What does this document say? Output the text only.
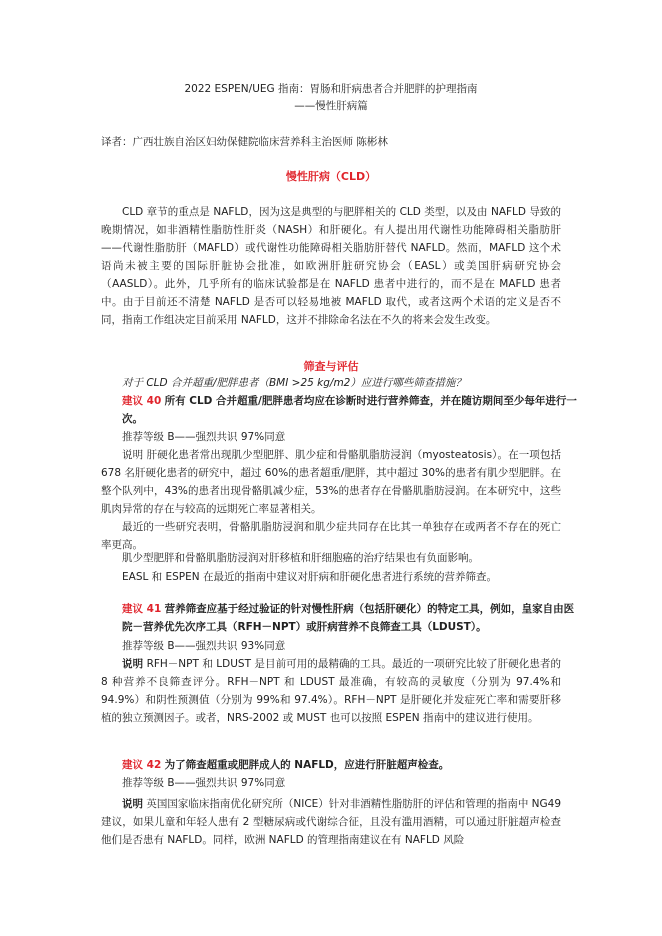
2022 ESPEN/UEG 指南：胃肠和肝病患者合并肥胖的护理指南
——慢性肝病篇
译者：广西壮族自治区妇幼保健院临床营养科主治医师 陈彬林
慢性肝病（CLD）
CLD 章节的重点是 NAFLD，因为这是典型的与肥胖相关的 CLD 类型，以及由 NAFLD 导致的晚期情况，如非酒精性脂肪性肝炎（NASH）和肝硬化。有人提出用代谢性功能障碍相关脂肪肝——代谢性脂肪肝（MAFLD）或代谢性功能障碍相关脂肪肝替代 NAFLD。然而，MAFLD 这个术语尚未被主要的国际肝脏协会批准，如欧洲肝脏研究协会（EASL）或美国肝病研究协会（AASLD）。此外，几乎所有的临床试验都是在 NAFLD 患者中进行的，而不是在 MAFLD 患者中。由于目前还不清楚 NAFLD 是否可以轻易地被 MAFLD 取代，或者这两个术语的定义是否不同，指南工作组决定目前采用 NAFLD，这并不排除命名法在不久的将来会发生改变。
筛查与评估
对于 CLD 合并超重/肥胖患者（BMI >25 kg/m2）应进行哪些筛查措施？
建议 40 所有 CLD 合并超重/肥胖患者均应在诊断时进行营养筛查，并在随访期间至少每年进行一次。
推荐等级 B——强烈共识 97%同意
说明 肝硬化患者常出现肌少型肥胖、肌少症和骨骼肌脂肪浸润（myosteatosis）。在一项包括 678 名肝硬化患者的研究中，超过 60%的患者超重/肥胖，其中超过 30%的患者有肌少型肥胖。在整个队列中，43%的患者出现骨骼肌减少症，53%的患者存在骨骼肌脂肪浸润。在本研究中，这些肌肉异常的存在与较高的远期死亡率显著相关。
最近的一些研究表明，骨骼肌脂肪浸润和肌少症共同存在比其一单独存在或两者不存在的死亡率更高。
肌少型肥胖和骨骼肌脂肪浸润对肝移植和肝细胞癌的治疗结果也有负面影响。
EASL 和 ESPEN 在最近的指南中建议对肝病和肝硬化患者进行系统的营养筛查。
建议 41 营养筛查应基于经过验证的针对慢性肝病（包括肝硬化）的特定工具，例如，皇家自由医院－营养优先次序工具（RFH－NPT）或肝病营养不良筛查工具（LDUST）。
推荐等级 B——强烈共识 93%同意
说明 RFH－NPT 和 LDUST 是目前可用的最精确的工具。最近的一项研究比较了肝硬化患者的 8 种营养不良筛查评分。RFH－NPT 和 LDUST 最准确，有较高的灵敏度（分别为 97.4%和 94.9%）和阴性预测值（分别为 99%和 97.4%）。RFH－NPT 是肝硬化并发症死亡率和需要肝移植的独立预测因子。或者，NRS-2002 或 MUST 也可以按照 ESPEN 指南中的建议进行使用。
建议 42 为了筛查超重或肥胖成人的 NAFLD，应进行肝脏超声检查。
推荐等级 B——强烈共识 97%同意
说明 英国国家临床指南优化研究所（NICE）针对非酒精性脂肪肝的评估和管理的指南中 NG49 建议，如果儿童和年轻人患有 2 型糖尿病或代谢综合征，且没有滥用酒精，可以通过肝脏超声检查他们是否患有 NAFLD。同样，欧洲 NAFLD 的管理指南建议在有 NAFLD 风险
